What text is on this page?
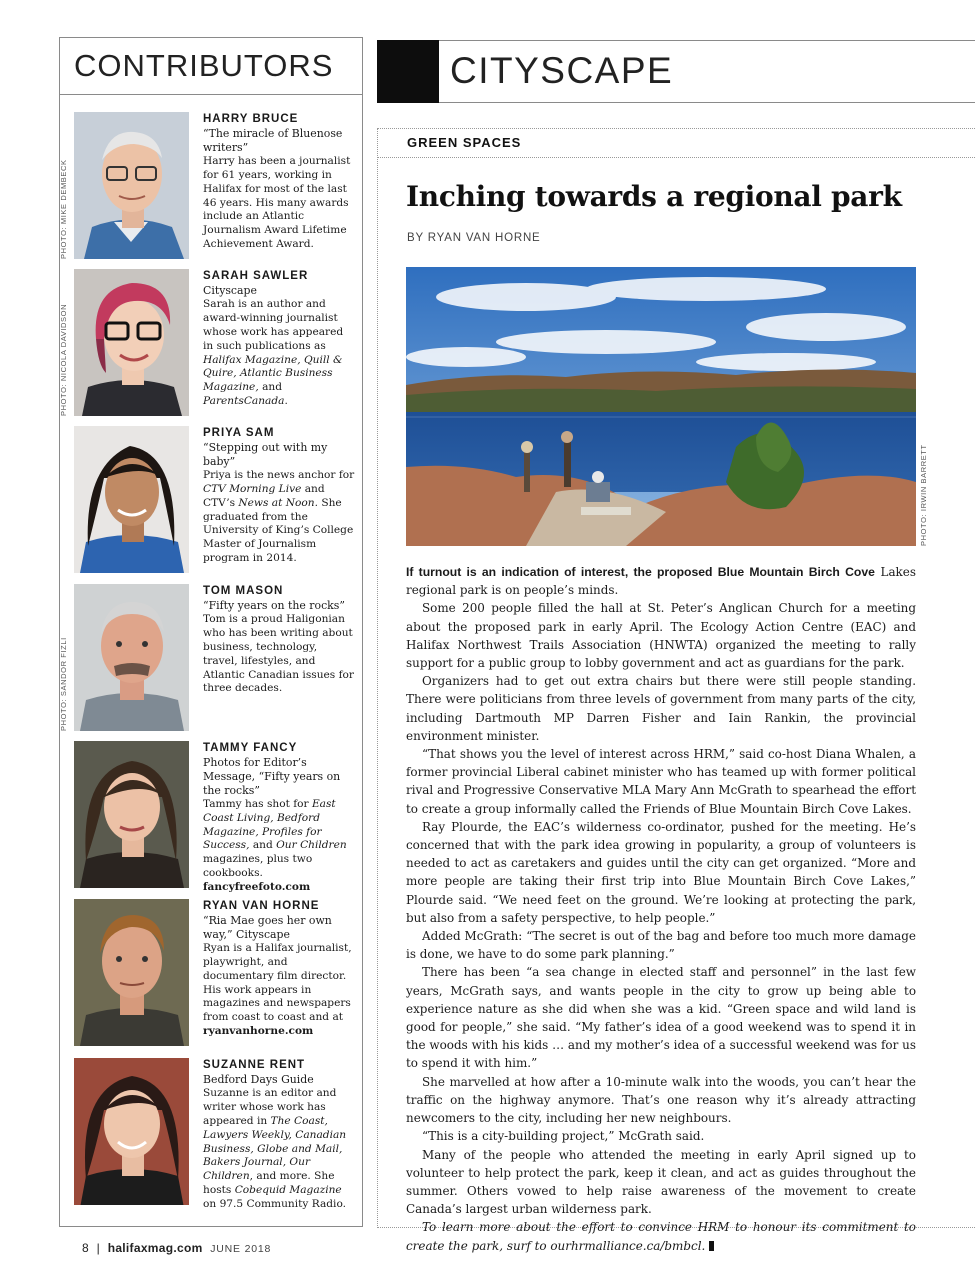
CONTRIBUTORS
PHOTO: MIKE DEMBECK
HARRY BRUCE
“The miracle of Bluenose writers”
Harry has been a journalist for 61 years, working in Halifax for most of the last 46 years. His many awards include an Atlantic Journalism Award Lifetime Achievement Award.
PHOTO: NICOLA DAVIDSON
SARAH SAWLER
Cityscape
Sarah is an author and award-winning journalist whose work has appeared in such publications as Halifax Magazine, Quill & Quire, Atlantic Business Magazine, and ParentsCanada.
PRIYA SAM
“Stepping out with my baby”
Priya is the news anchor for CTV Morning Live and CTV’s News at Noon. She graduated from the University of King’s College Master of Journalism program in 2014.
PHOTO: SANDOR FIZLI
TOM MASON
“Fifty years on the rocks”
Tom is a proud Haligonian who has been writing about business, technology, travel, lifestyles, and Atlantic Canadian issues for three decades.
TAMMY FANCY
Photos for Editor’s Message, “Fifty years on the rocks”
Tammy has shot for East Coast Living, Bedford Magazine, Profiles for Success, and Our Children magazines, plus two cookbooks. fancyfreefoto.com
RYAN VAN HORNE
“Ria Mae goes her own way,” Cityscape
Ryan is a Halifax journalist, playwright, and documentary film director. His work appears in magazines and newspapers from coast to coast and at ryanvanhorne.com
SUZANNE RENT
Bedford Days Guide
Suzanne is an editor and writer whose work has appeared in The Coast, Lawyers Weekly, Canadian Business, Globe and Mail, Bakers Journal, Our Children, and more. She hosts Cobequid Magazine on 97.5 Community Radio.
CITYSCAPE
GREEN SPACES
Inching towards a regional park
BY RYAN VAN HORNE
PHOTO: IRWIN BARRETT

If turnout is an indication of interest, the proposed Blue Mountain Birch Cove Lakes regional park is on people’s minds.

Some 200 people filled the hall at St. Peter’s Anglican Church for a meeting about the proposed park in early April. The Ecology Action Centre (EAC) and Halifax Northwest Trails Association (HNWTA) organized the meeting to rally support for a public group to lobby government and act as guardians for the park.

Organizers had to get out extra chairs but there were still people standing. There were politicians from three levels of government from many parts of the city, including Dartmouth MP Darren Fisher and Iain Rankin, the provincial environment minister.

“That shows you the level of interest across HRM,” said co-host Diana Whalen, a former provincial Liberal cabinet minister who has teamed up with former political rival and Progressive Conservative MLA Mary Ann McGrath to spearhead the effort to create a group informally called the Friends of Blue Mountain Birch Cove Lakes.

Ray Plourde, the EAC’s wilderness co-ordinator, pushed for the meeting. He’s concerned that with the park idea growing in popularity, a group of volunteers is needed to act as caretakers and guides until the city can get organized. “More and more people are taking their first trip into Blue Mountain Birch Cove Lakes,” Plourde said. “We need feet on the ground. We’re looking at protecting the park, but also from a safety perspective, to help people.”

Added McGrath: “The secret is out of the bag and before too much more damage is done, we have to do some park planning.”

There has been “a sea change in elected staff and personnel” in the last few years, McGrath says, and wants people in the city to grow up being able to experience nature as she did when she was a kid. “Green space and wild land is good for people,” she said. “My father’s idea of a good weekend was to spend it in the woods with his kids … and my mother’s idea of a successful weekend was for us to spend it with him.”

She marvelled at how after a 10-minute walk into the woods, you can’t hear the traffic on the highway anymore. That’s one reason why it’s already attracting newcomers to the city, including her new neighbours.

“This is a city-building project,” McGrath said.

Many of the people who attended the meeting in early April signed up to volunteer to help protect the park, keep it clean, and act as guides throughout the summer. Others vowed to help raise awareness of the movement to create Canada’s largest urban wilderness park.

To learn more about the effort to convince HRM to honour its commitment to create the park, surf to ourhrmalliance.ca/bmbcl.

8 | halifaxmag.com JUNE 2018
